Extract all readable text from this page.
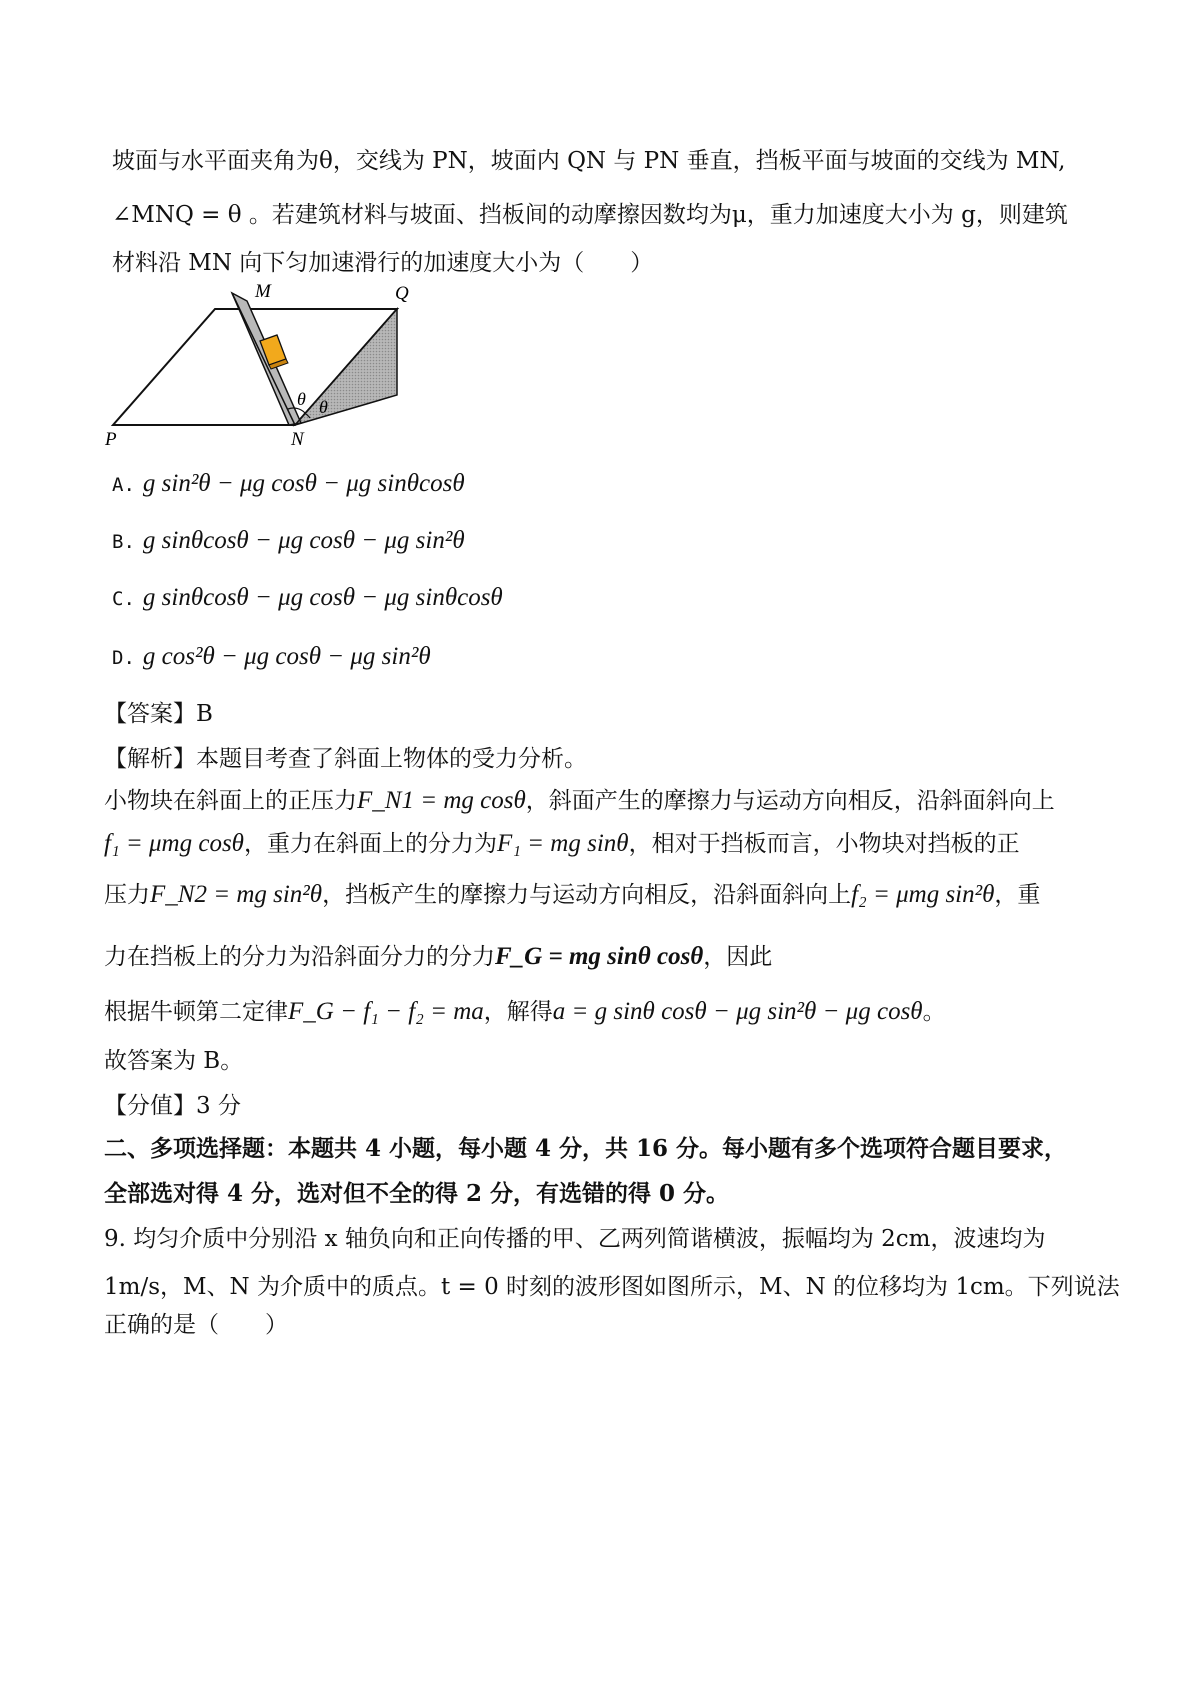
坡面与水平面夹角为θ，交线为 PN，坡面内 QN 与 PN 垂直，挡板平面与坡面的交线为 MN,
∠MNQ = θ 。若建筑材料与坡面、挡板间的动摩擦因数均为μ，重力加速度大小为 g，则建筑
材料沿 MN 向下匀加速滑行的加速度大小为（　　）
M	Q
P	N
θ θ
A. g sin²θ − μg cosθ − μg sinθcosθ
B. g sinθcosθ − μg cosθ − μg sin²θ
C. g sinθcosθ − μg cosθ − μg sinθcosθ
D. g cos²θ − μg cosθ − μg sin²θ
【答案】B
【解析】本题目考查了斜面上物体的受力分析。
小物块在斜面上的正压力F_N1 = mg cosθ，斜面产生的摩擦力与运动方向相反，沿斜面斜向上
f₁ = μmg cosθ，重力在斜面上的分力为F₁ = mg sinθ，相对于挡板而言，小物块对挡板的正
压力F_N2 = mg sin²θ，挡板产生的摩擦力与运动方向相反，沿斜面斜向上f₂ = μmg sin²θ，重
力在挡板上的分力为沿斜面分力的分力F_G = mg sinθ cosθ，因此
根据牛顿第二定律F_G − f₁ − f₂ = ma，解得a = g sinθ cosθ − μg sin²θ − μg cosθ。
故答案为 B。
【分值】3 分
二、多项选择题：本题共 4 小题，每小题 4 分，共 16 分。每小题有多个选项符合题目要求，
全部选对得 4 分，选对但不全的得 2 分，有选错的得 0 分。
9. 均匀介质中分别沿 x 轴负向和正向传播的甲、乙两列简谐横波，振幅均为 2cm，波速均为
1m/s，M、N 为介质中的质点。t = 0 时刻的波形图如图所示，M、N 的位移均为 1cm。下列说法
正确的是（　　）
